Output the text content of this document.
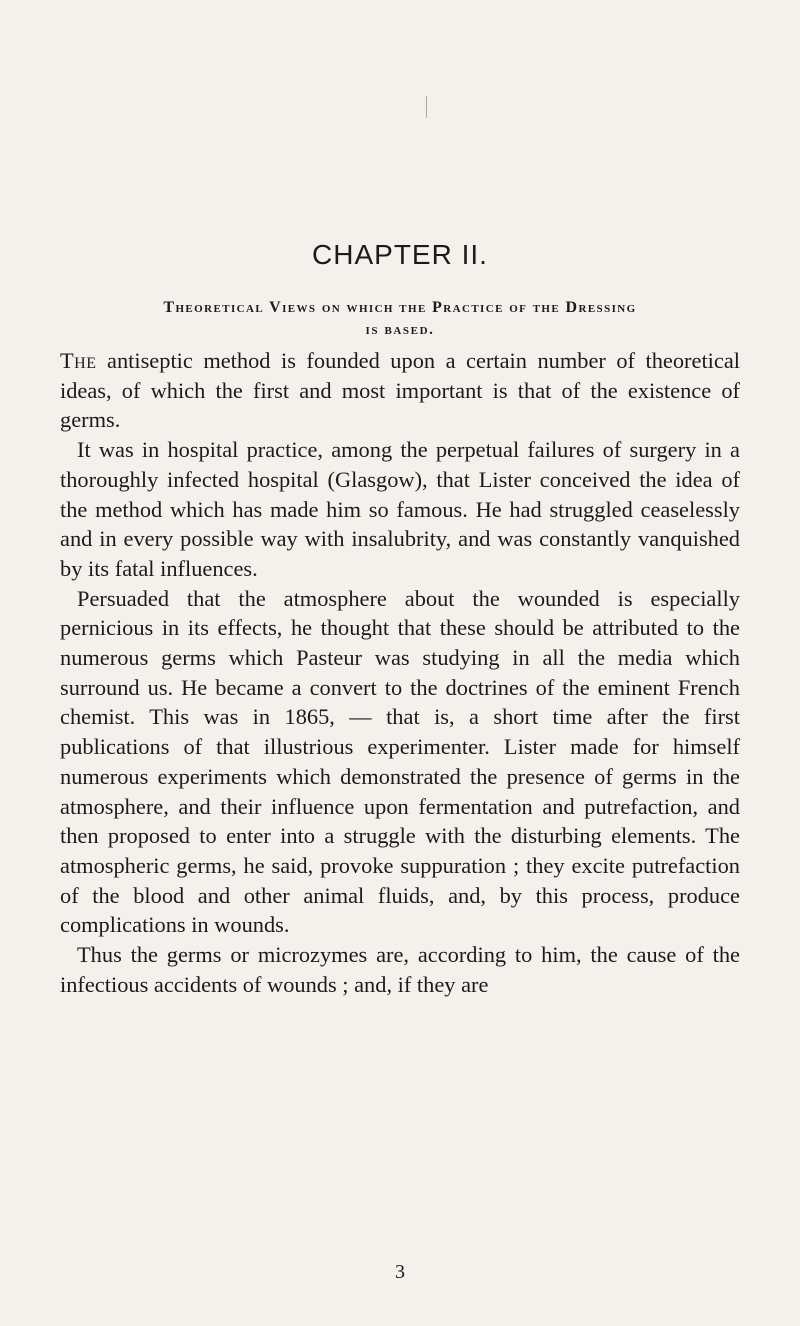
CHAPTER II.
Theoretical Views on which the Practice of the Dressing
is based.

The antiseptic method is founded upon a certain number of theoretical ideas, of which the first and most important is that of the existence of germs.

It was in hospital practice, among the perpetual failures of surgery in a thoroughly infected hospital (Glasgow), that Lister conceived the idea of the method which has made him so famous. He had struggled ceaselessly and in every possible way with insalubrity, and was constantly vanquished by its fatal influences.

Persuaded that the atmosphere about the wounded is especially pernicious in its effects, he thought that these should be attributed to the numerous germs which Pasteur was studying in all the media which surround us. He became a convert to the doctrines of the eminent French chemist. This was in 1865, — that is, a short time after the first publications of that illustrious experimenter. Lister made for himself numerous experiments which demonstrated the presence of germs in the atmosphere, and their influence upon fermentation and putrefaction, and then proposed to enter into a struggle with the disturbing elements. The atmospheric germs, he said, provoke suppuration ; they excite putrefaction of the blood and other animal fluids, and, by this process, produce complications in wounds.

Thus the germs or microzymes are, according to him, the cause of the infectious accidents of wounds ; and, if they are

3
